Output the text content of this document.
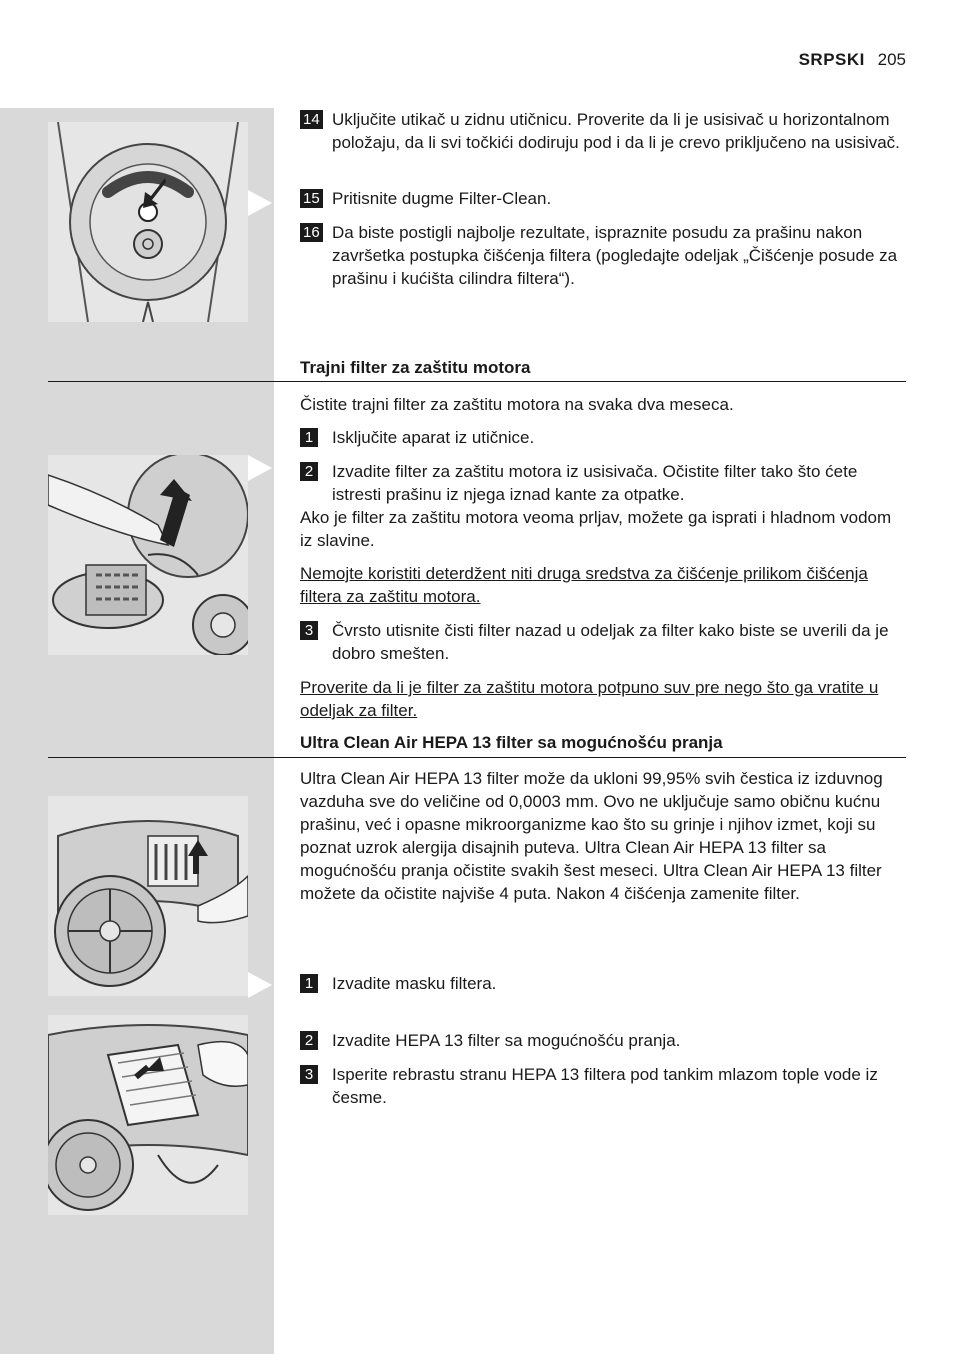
SRPSKI 205
14 Uključite utikač u zidnu utičnicu. Proverite da li je usisivač u horizontalnom položaju, da li svi točkići dodiruju pod i da li je crevo priključeno na usisivač.
15 Pritisnite dugme Filter-Clean.
16 Da biste postigli najbolje rezultate, ispraznite posudu za prašinu nakon završetka postupka čišćenja filtera (pogledajte odeljak „Čišćenje posude za prašinu i kućišta cilindra filtera“).
Trajni filter za zaštitu motora
Čistite trajni filter za zaštitu motora na svaka dva meseca.
1 Isključite aparat iz utičnice.
2 Izvadite filter za zaštitu motora iz usisivača. Očistite filter tako što ćete istresti prašinu iz njega iznad kante za otpatke.
Ako je filter za zaštitu motora veoma prljav, možete ga isprati i hladnom vodom iz slavine.
Nemojte koristiti deterdžent niti druga sredstva za čišćenje prilikom čišćenja filtera za zaštitu motora.
3 Čvrsto utisnite čisti filter nazad u odeljak za filter kako biste se uverili da je dobro smešten.
Proverite da li je filter za zaštitu motora potpuno suv pre nego što ga vratite u odeljak za filter.
Ultra Clean Air HEPA 13 filter sa mogućnošću pranja
Ultra Clean Air HEPA 13 filter može da ukloni 99,95% svih čestica iz izduvnog vazduha sve do veličine od 0,0003 mm. Ovo ne uključuje samo običnu kućnu prašinu, već i opasne mikroorganizme kao što su grinje i njihov izmet, koji su poznat uzrok alergija disajnih puteva. Ultra Clean Air HEPA 13 filter sa mogućnošću pranja očistite svakih šest meseci. Ultra Clean Air HEPA 13 filter možete da očistite najviše 4 puta. Nakon 4 čišćenja zamenite filter.
1 Izvadite masku filtera.
2 Izvadite HEPA 13 filter sa mogućnošću pranja.
3 Isperite rebrastu stranu HEPA 13 filtera pod tankim mlazom tople vode iz česme.
